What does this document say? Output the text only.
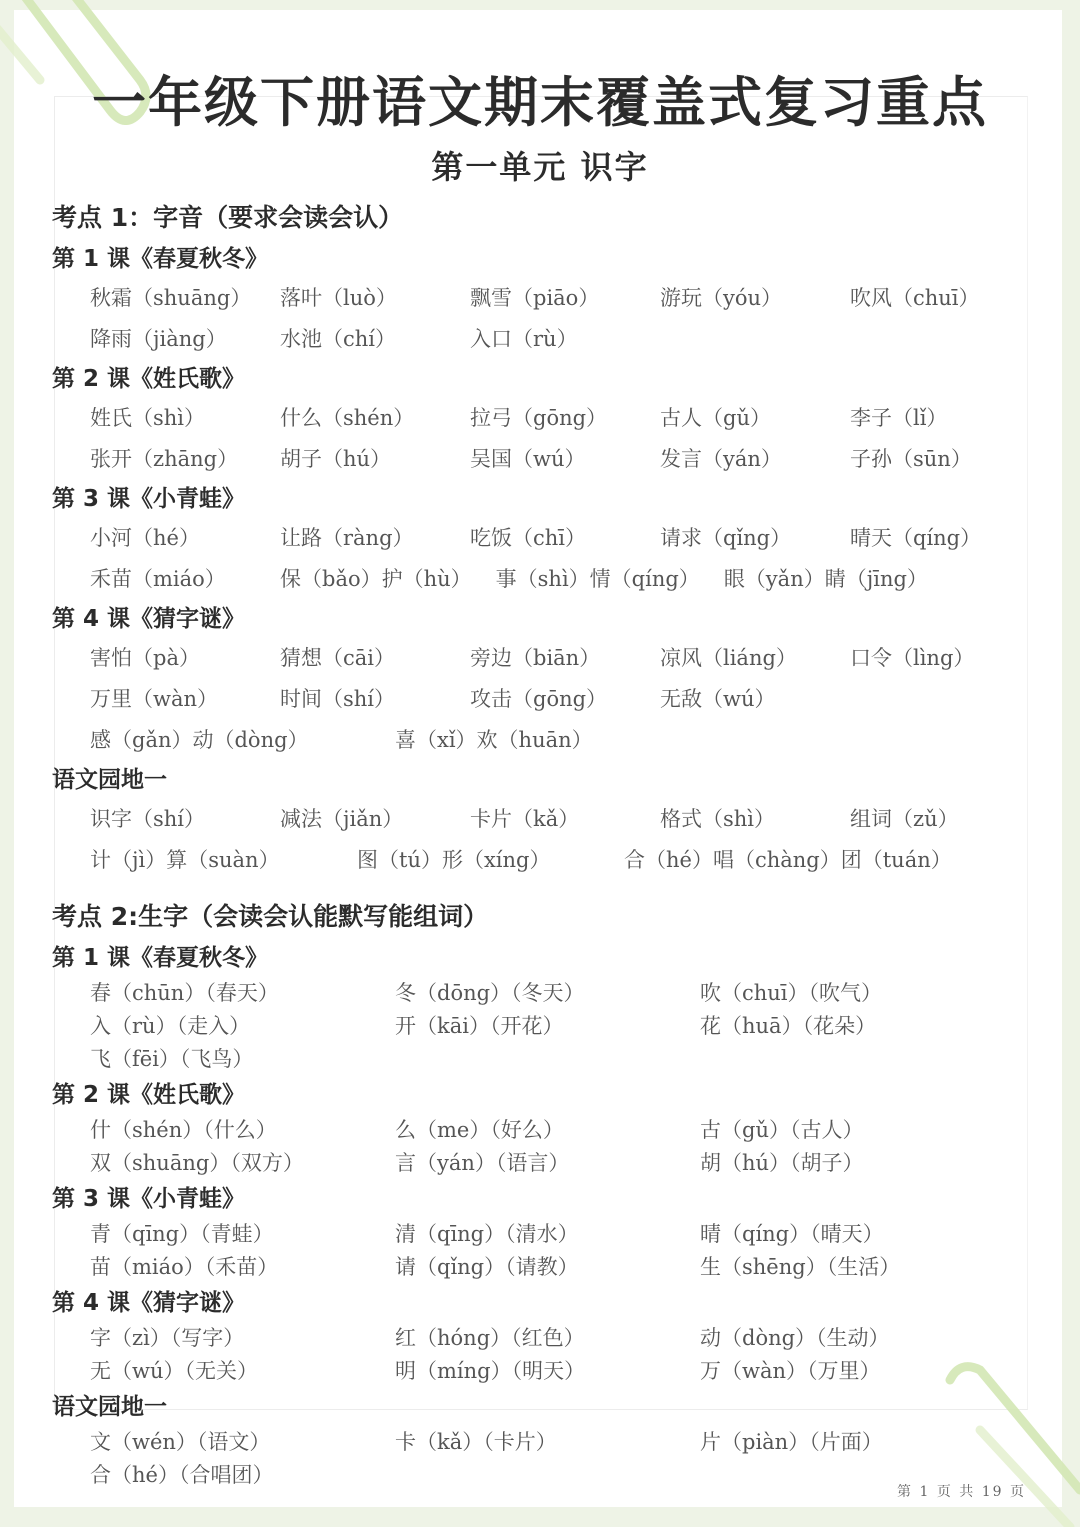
一年级下册语文期末覆盖式复习重点
第一单元 识字
考点 1：字音（要求会读会认）
第 1 课《春夏秋冬》
秋霜（shuāng）	落叶（luò）	飘雪（piāo）	游玩（yóu）	吹风（chuī）
降雨（jiàng）	水池（chí）	入口（rù）
第 2 课《姓氏歌》
姓氏（shì）	什么（shén）	拉弓（gōng）	古人（gǔ）	李子（lǐ）
张开（zhāng）	胡子（hú）	吴国（wú）	发言（yán）	子孙（sūn）
第 3 课《小青蛙》
小河（hé）	让路（ràng）	吃饭（chī）	请求（qǐng）	晴天（qíng）
禾苗（miáo）	保（bǎo）护（hù） 事（shì）情（qíng） 眼（yǎn）睛（jīng）
第 4 课《猜字谜》
害怕（pà）	猜想（cāi）	旁边（biān）	凉风（liáng）	口令（lìng）
万里（wàn）	时间（shí）	攻击（gōng）	无敌（wú）
感（gǎn）动（dòng）	喜（xǐ）欢（huān）
语文园地一
识字（shí）	减法（jiǎn）	卡片（kǎ）	格式（shì）	组词（zǔ）
计（jì）算（suàn）	图（tú）形（xíng）	合（hé）唱（chàng）团（tuán）
考点 2:生字（会读会认能默写能组词）
第 1 课《春夏秋冬》
春（chūn）（春天）	冬（dōng）（冬天）	吹（chuī）（吹气）
入（rù）（走入）	开（kāi）（开花）	花（huā）（花朵）
飞（fēi）（飞鸟）
第 2 课《姓氏歌》
什（shén）（什么）	么（me）（好么）	古（gǔ）（古人）
双（shuāng）（双方）	言（yán）（语言）	胡（hú）（胡子）
第 3 课《小青蛙》
青（qīng）（青蛙）	清（qīng）（清水）	晴（qíng）（晴天）
苗（miáo）（禾苗）	请（qǐng）（请教）	生（shēng）（生活）
第 4 课《猜字谜》
字（zì）（写字）	红（hóng）（红色）	动（dòng）（生动）
无（wú）（无关）	明（míng）（明天）	万（wàn）（万里）
语文园地一
文（wén）（语文）	卡（kǎ）（卡片）	片（piàn）（片面）
合（hé）（合唱团）
第 1 页 共 19 页
